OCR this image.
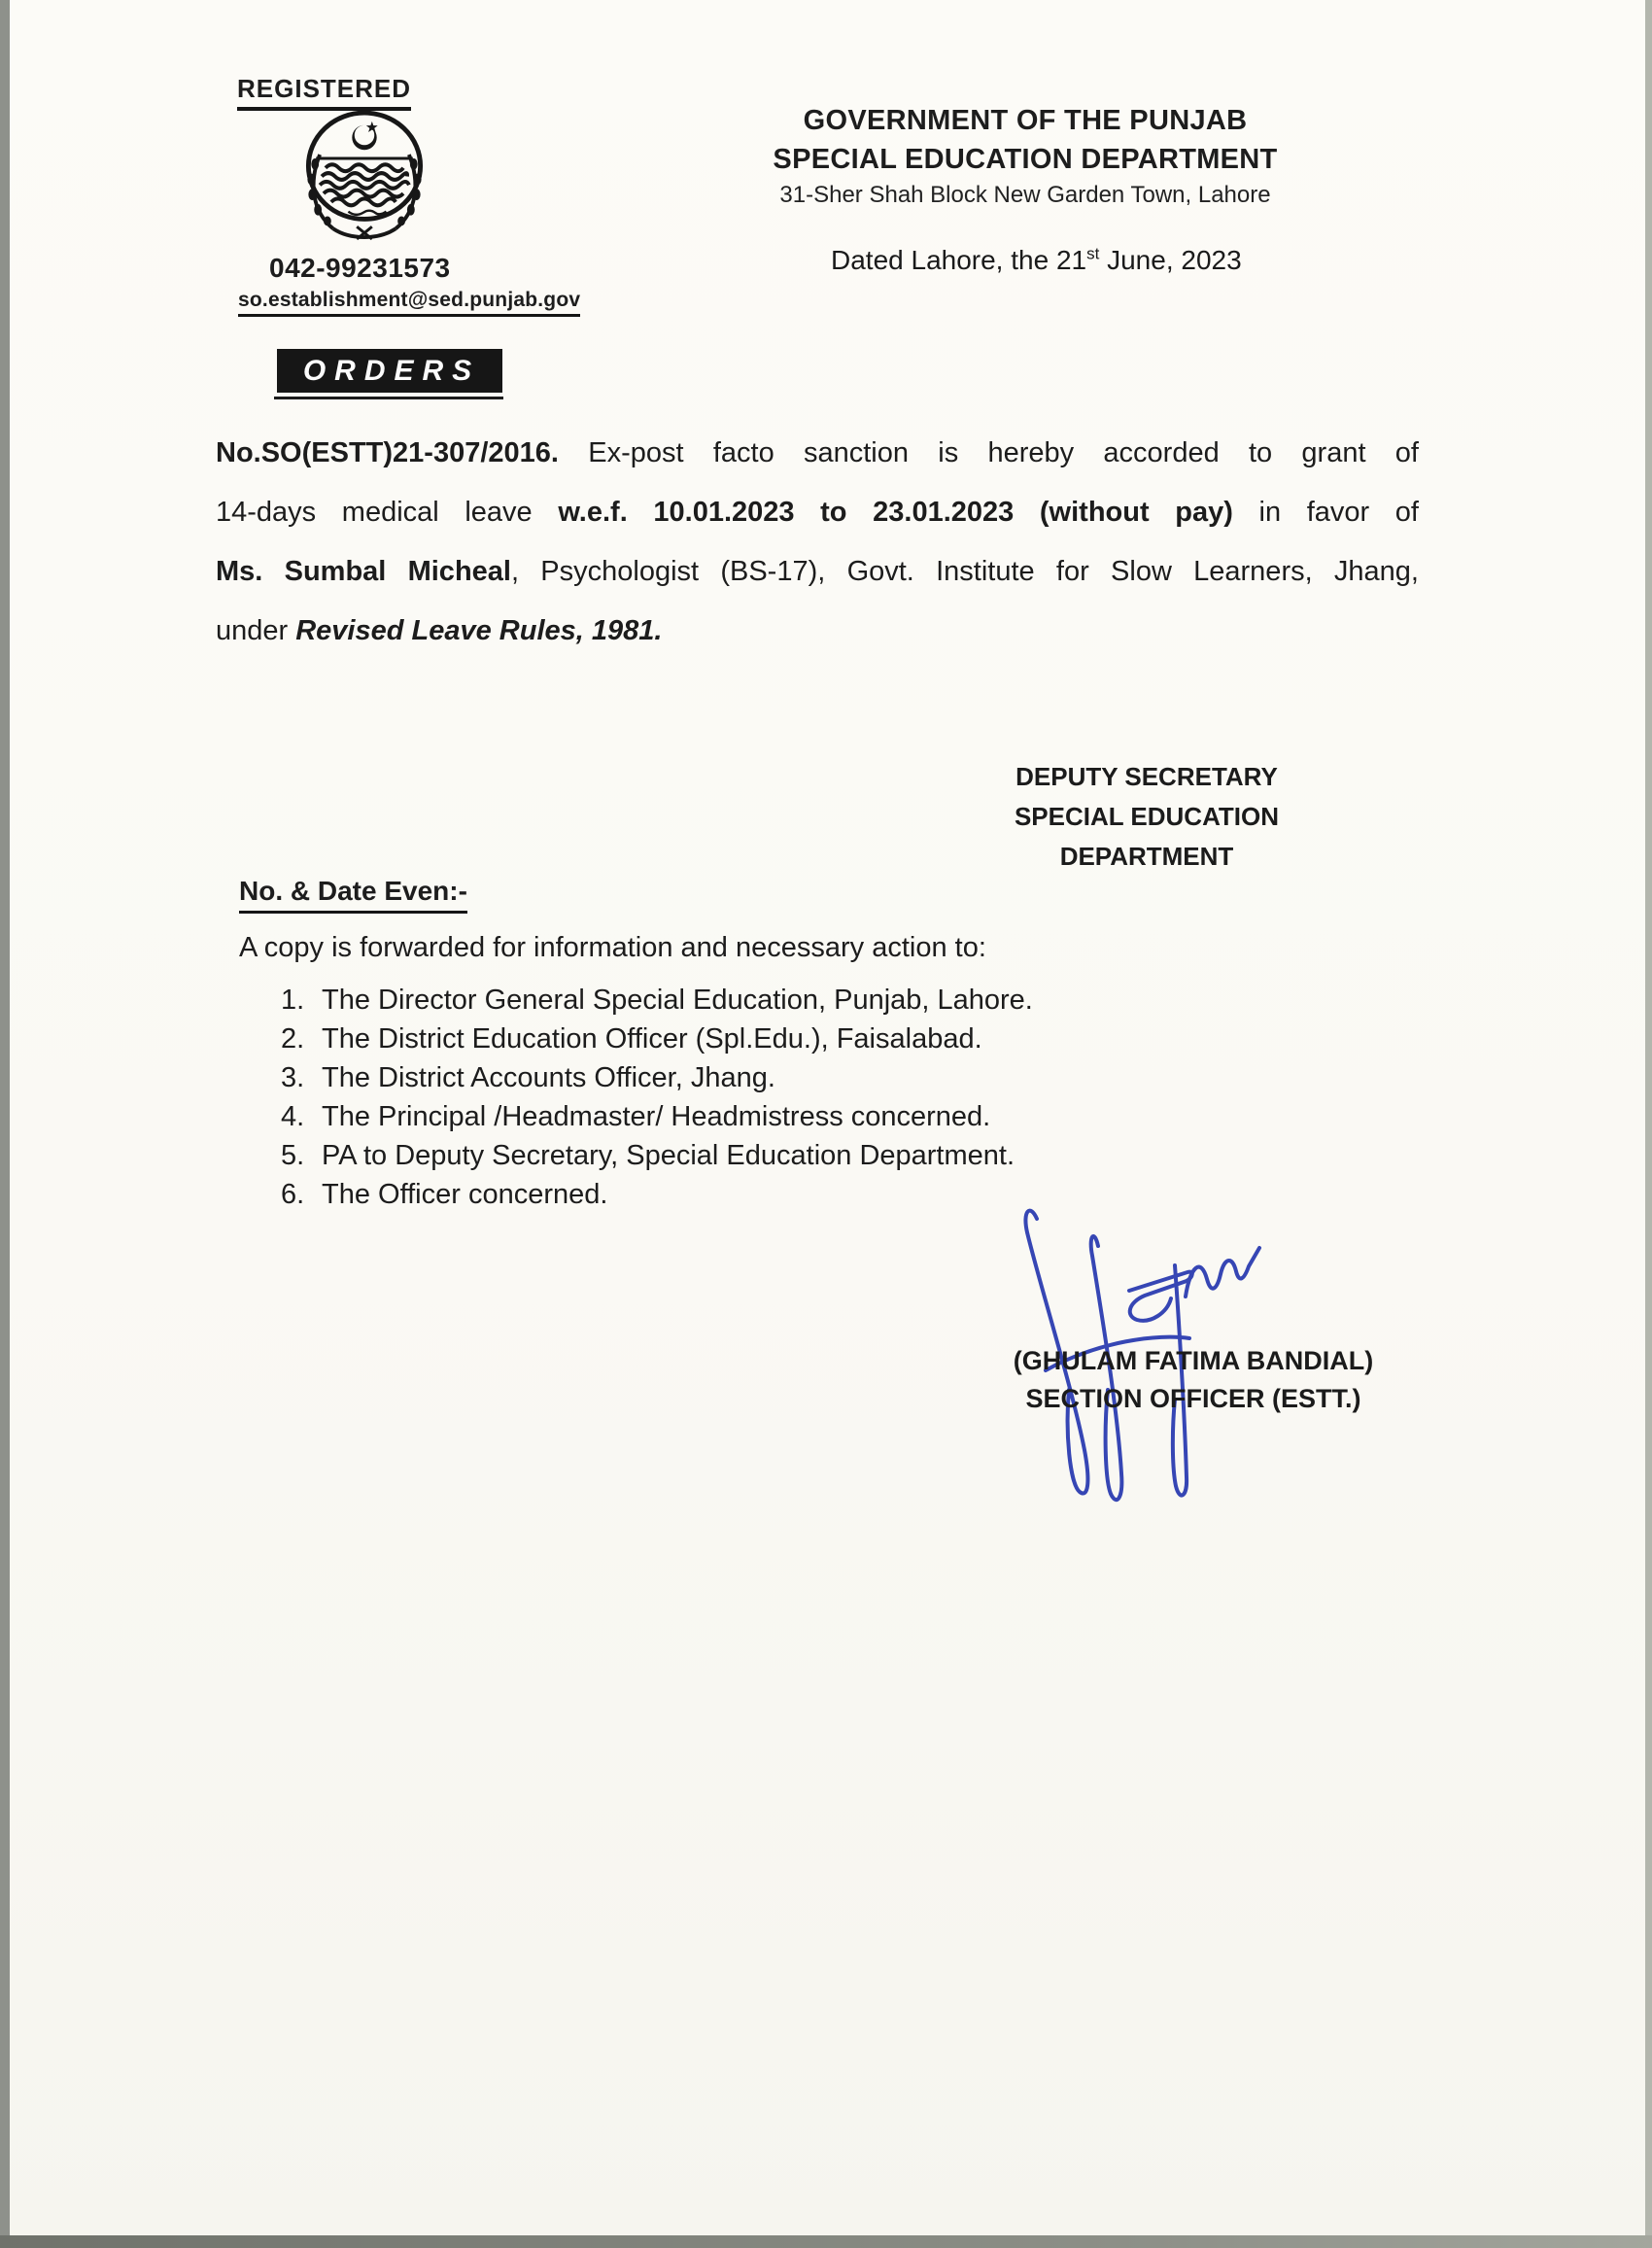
REGISTERED
042-99231573
so.establishment@sed.punjab.gov
GOVERNMENT OF THE PUNJAB
SPECIAL EDUCATION DEPARTMENT
31-Sher Shah Block New Garden Town, Lahore
Dated Lahore, the 21st June, 2023
ORDERS
No.SO(ESTT)21-307/2016. Ex-post facto sanction is hereby accorded to grant of
14-days medical leave w.e.f. 10.01.2023 to 23.01.2023 (without pay) in favor of
Ms. Sumbal Micheal, Psychologist (BS-17), Govt. Institute for Slow Learners, Jhang,
under Revised Leave Rules, 1981.
DEPUTY SECRETARY
SPECIAL EDUCATION
DEPARTMENT
No. & Date Even:-
A copy is forwarded for information and necessary action to:
1. The Director General Special Education, Punjab, Lahore.
2. The District Education Officer (Spl.Edu.), Faisalabad.
3. The District Accounts Officer, Jhang.
4. The Principal /Headmaster/ Headmistress concerned.
5. PA to Deputy Secretary, Special Education Department.
6. The Officer concerned.
(GHULAM FATIMA BANDIAL)
SECTION OFFICER (ESTT.)
